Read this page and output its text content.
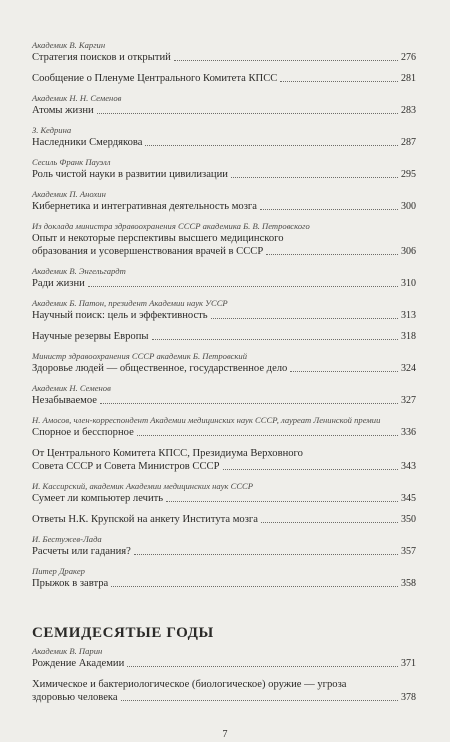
Академик В. Каргин
Стратегия поисков и открытий	276
Сообщение о Пленуме Центрального Комитета КПСС	281
Академик Н. Н. Семенов
Атомы жизни	283
З. Кедрина
Наследники Смердякова	287
Сесиль Франк Пауэлл
Роль чистой науки в развитии цивилизации	295
Академик П. Анохин
Кибернетика и интегративная деятельность мозга	300
Из доклада министра здравоохранения СССР академика Б. В. Петровского
Опыт и некоторые перспективы высшего медицинского
образования и усовершенствования врачей в СССР	306
Академик В. Энгельгардт
Ради жизни	310
Академик Б. Патон, президент Академии наук УССР
Научный поиск: цель и эффективность	313
Научные резервы Европы	318
Министр здравоохранения СССР академик Б. Петровский
Здоровье людей — общественное, государственное дело	324
Академик Н. Семенов
Незабываемое	327
Н. Амосов, член-корреспондент Академии медицинских наук СССР, лауреат Ленинской премии
Спорное и бесспорное	336
От Центрального Комитета КПСС, Президиума Верховного
Совета СССР и Совета Министров СССР	343
И. Кассирский, академик Академии медицинских наук СССР
Сумеет ли компьютер лечить	345
Ответы Н.К. Крупской на анкету Института мозга	350
И. Бестужев-Лада
Расчеты или гадания?	357
Питер Дракер
Прыжок в завтра	358
СЕМИДЕСЯТЫЕ ГОДЫ
Академик В. Парин
Рождение Академии	371
Химическое и бактериологическое (биологическое) оружие — угроза
здоровью человека	378
7
